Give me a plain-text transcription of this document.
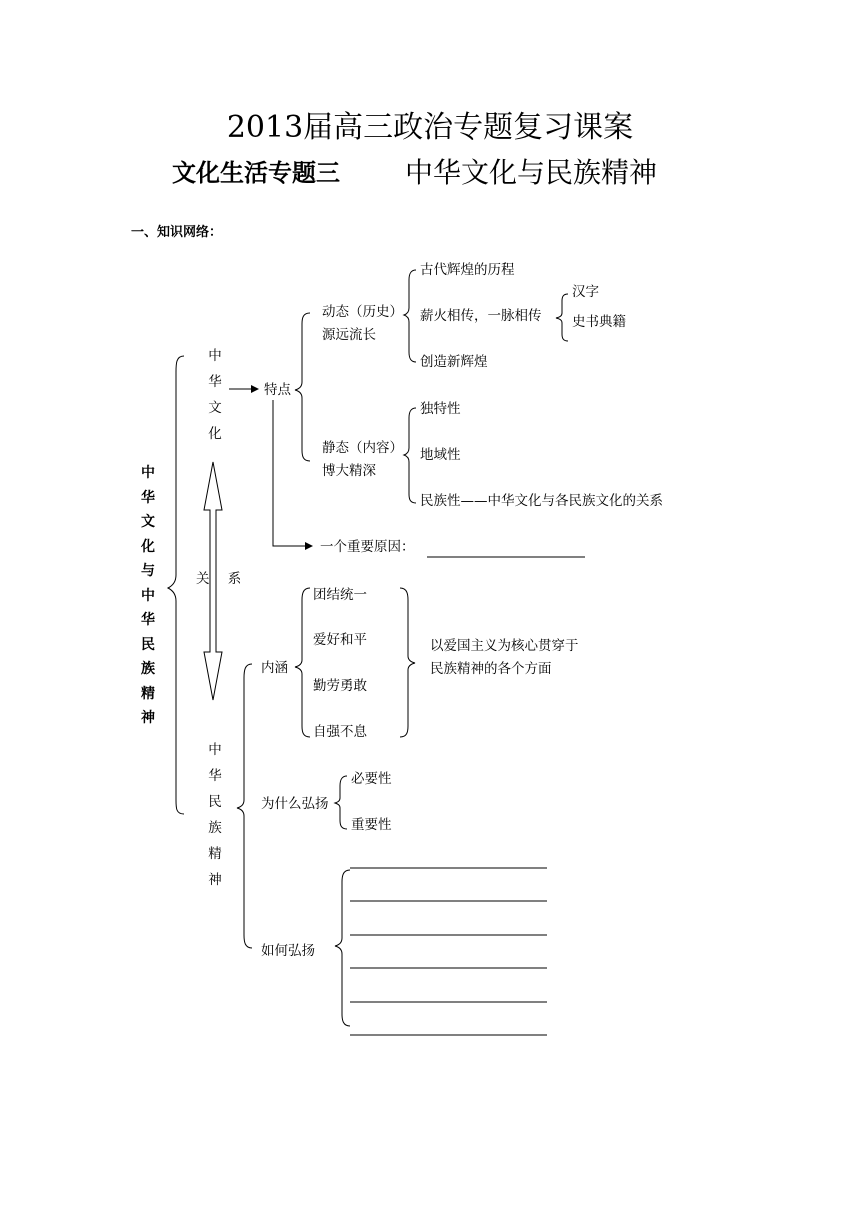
2013届高三政治专题复习课案
文化生活专题三 中华文化与民族精神
一、知识网络：
中华文化与中华民族精神
中华文化
关 系
中华民族精神
特点
动态（历史）
源远流长
古代辉煌的历程
薪火相传，一脉相传
创造新辉煌
汉字
史书典籍
静态（内容）
博大精深
独特性
地域性
民族性——中华文化与各民族文化的关系
一个重要原因：
内涵
团结统一
爱好和平
勤劳勇敢
自强不息
以爱国主义为核心贯穿于
民族精神的各个方面
为什么弘扬
必要性
重要性
如何弘扬
